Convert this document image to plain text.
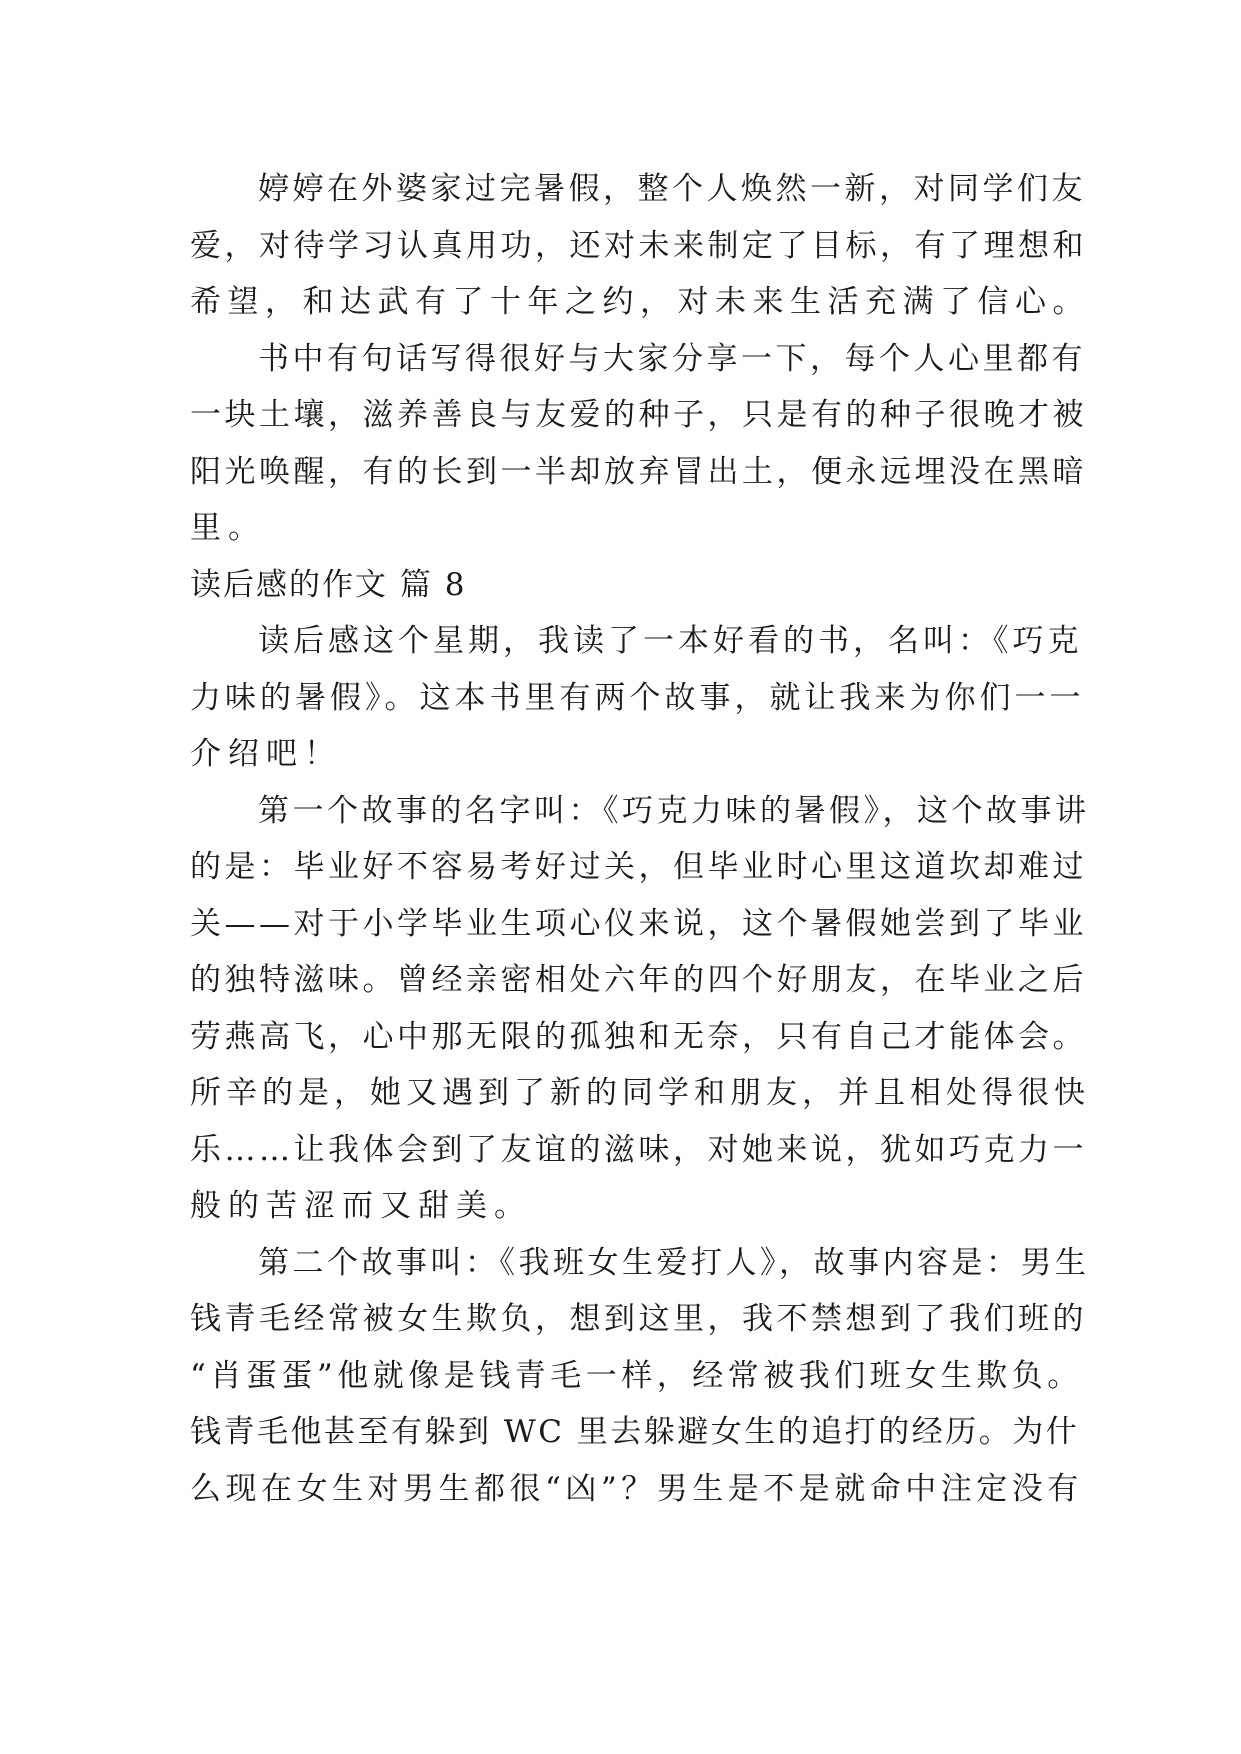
婷婷在外婆家过完暑假，整个人焕然一新，对同学们友
爱，对待学习认真用功，还对未来制定了目标，有了理想和
希望，和达武有了十年之约，对未来生活充满了信心。
书中有句话写得很好与大家分享一下，每个人心里都有
一块土壤，滋养善良与友爱的种子，只是有的种子很晚才被
阳光唤醒，有的长到一半却放弃冒出土，便永远埋没在黑暗
里。
读后感的作文 篇 8
读后感这个星期，我读了一本好看的书，名叫：《巧克
力味的暑假》。这本书里有两个故事，就让我来为你们一一
介绍吧！
第一个故事的名字叫：《巧克力味的暑假》，这个故事讲
的是：毕业好不容易考好过关，但毕业时心里这道坎却难过
关——对于小学毕业生项心仪来说，这个暑假她尝到了毕业
的独特滋味。曾经亲密相处六年的四个好朋友，在毕业之后
劳燕高飞，心中那无限的孤独和无奈，只有自己才能体会。
所辛的是，她又遇到了新的同学和朋友，并且相处得很快
乐……让我体会到了友谊的滋味，对她来说，犹如巧克力一
般的苦涩而又甜美。
第二个故事叫：《我班女生爱打人》，故事内容是：男生
钱青毛经常被女生欺负，想到这里，我不禁想到了我们班的
“肖蛋蛋”他就像是钱青毛一样，经常被我们班女生欺负。
钱青毛他甚至有躲到 WC 里去躲避女生的追打的经历。为什
么现在女生对男生都很“凶”？男生是不是就命中注定没有
